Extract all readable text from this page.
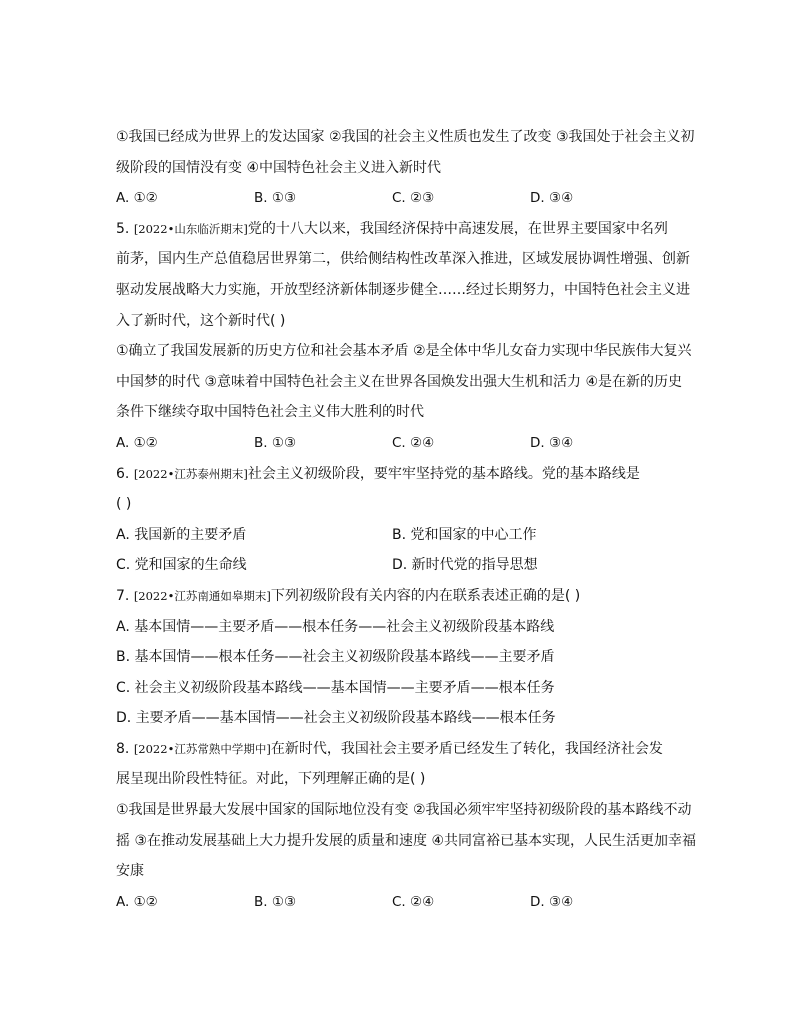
①我国已经成为世界上的发达国家 ②我国的社会主义性质也发生了改变 ③我国处于社会主义初
级阶段的国情没有变 ④中国特色社会主义进入新时代
A. ①②	B. ①③	C. ②③	D. ③④
5. [2022•山东临沂期末]党的十八大以来，我国经济保持中高速发展，在世界主要国家中名列
前茅，国内生产总值稳居世界第二，供给侧结构性改革深入推进，区域发展协调性增强、创新
驱动发展战略大力实施，开放型经济新体制逐步健全……经过长期努力，中国特色社会主义进
入了新时代，这个新时代( )
①确立了我国发展新的历史方位和社会基本矛盾 ②是全体中华儿女奋力实现中华民族伟大复兴
中国梦的时代 ③意味着中国特色社会主义在世界各国焕发出强大生机和活力 ④是在新的历史
条件下继续夺取中国特色社会主义伟大胜利的时代
A. ①②	B. ①③	C. ②④	D. ③④
6. [2022•江苏泰州期末]社会主义初级阶段，要牢牢坚持党的基本路线。党的基本路线是
( )
A. 我国新的主要矛盾	B. 党和国家的中心工作
C. 党和国家的生命线	D. 新时代党的指导思想
7. [2022•江苏南通如皋期末]下列初级阶段有关内容的内在联系表述正确的是( )
A. 基本国情——主要矛盾——根本任务——社会主义初级阶段基本路线
B. 基本国情——根本任务——社会主义初级阶段基本路线——主要矛盾
C. 社会主义初级阶段基本路线——基本国情——主要矛盾——根本任务
D. 主要矛盾——基本国情——社会主义初级阶段基本路线——根本任务
8. [2022•江苏常熟中学期中]在新时代，我国社会主要矛盾已经发生了转化，我国经济社会发
展呈现出阶段性特征。对此，下列理解正确的是( )
①我国是世界最大发展中国家的国际地位没有变 ②我国必须牢牢坚持初级阶段的基本路线不动
摇 ③在推动发展基础上大力提升发展的质量和速度 ④共同富裕已基本实现，人民生活更加幸福
安康
A. ①②	B. ①③	C. ②④	D. ③④
